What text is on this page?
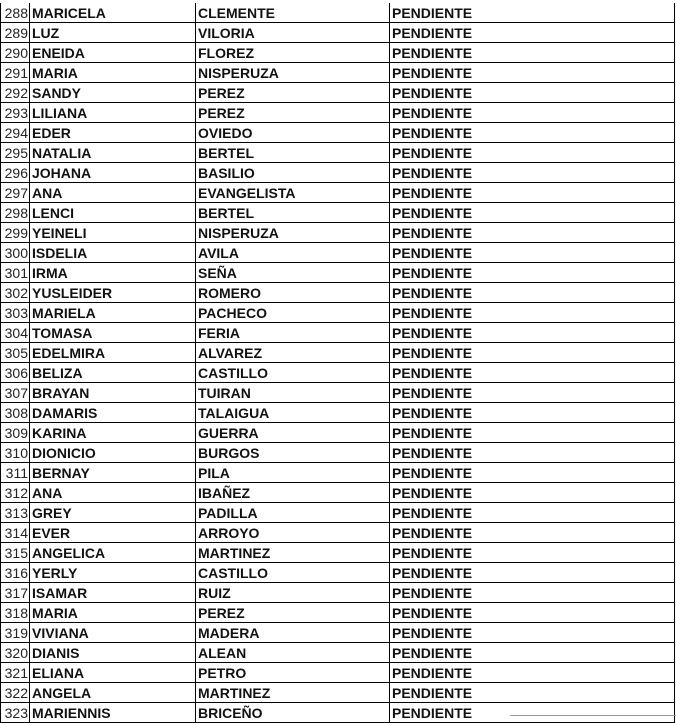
288 MARICELA	CLEMENTE	PENDIENTE
289 LUZ	VILORIA	PENDIENTE
290 ENEIDA	FLOREZ	PENDIENTE
291 MARIA	NISPERUZA	PENDIENTE
292 SANDY	PEREZ	PENDIENTE
293 LILIANA	PEREZ	PENDIENTE
294 EDER	OVIEDO	PENDIENTE
295 NATALIA	BERTEL	PENDIENTE
296 JOHANA	BASILIO	PENDIENTE
297 ANA	EVANGELISTA	PENDIENTE
298 LENCI	BERTEL	PENDIENTE
299 YEINELI	NISPERUZA	PENDIENTE
300 ISDELIA	AVILA	PENDIENTE
301 IRMA	SEÑA	PENDIENTE
302 YUSLEIDER	ROMERO	PENDIENTE
303 MARIELA	PACHECO	PENDIENTE
304 TOMASA	FERIA	PENDIENTE
305 EDELMIRA	ALVAREZ	PENDIENTE
306 BELIZA	CASTILLO	PENDIENTE
307 BRAYAN	TUIRAN	PENDIENTE
308 DAMARIS	TALAIGUA	PENDIENTE
309 KARINA	GUERRA	PENDIENTE
310 DIONICIO	BURGOS	PENDIENTE
311 BERNAY	PILA	PENDIENTE
312 ANA	IBAÑEZ	PENDIENTE
313 GREY	PADILLA	PENDIENTE
314 EVER	ARROYO	PENDIENTE
315 ANGELICA	MARTINEZ	PENDIENTE
316 YERLY	CASTILLO	PENDIENTE
317 ISAMAR	RUIZ	PENDIENTE
318 MARIA	PEREZ	PENDIENTE
319 VIVIANA	MADERA	PENDIENTE
320 DIANIS	ALEAN	PENDIENTE
321 ELIANA	PETRO	PENDIENTE
322 ANGELA	MARTINEZ	PENDIENTE
323 MARIENNIS	BRICEÑO	PENDIENTE
